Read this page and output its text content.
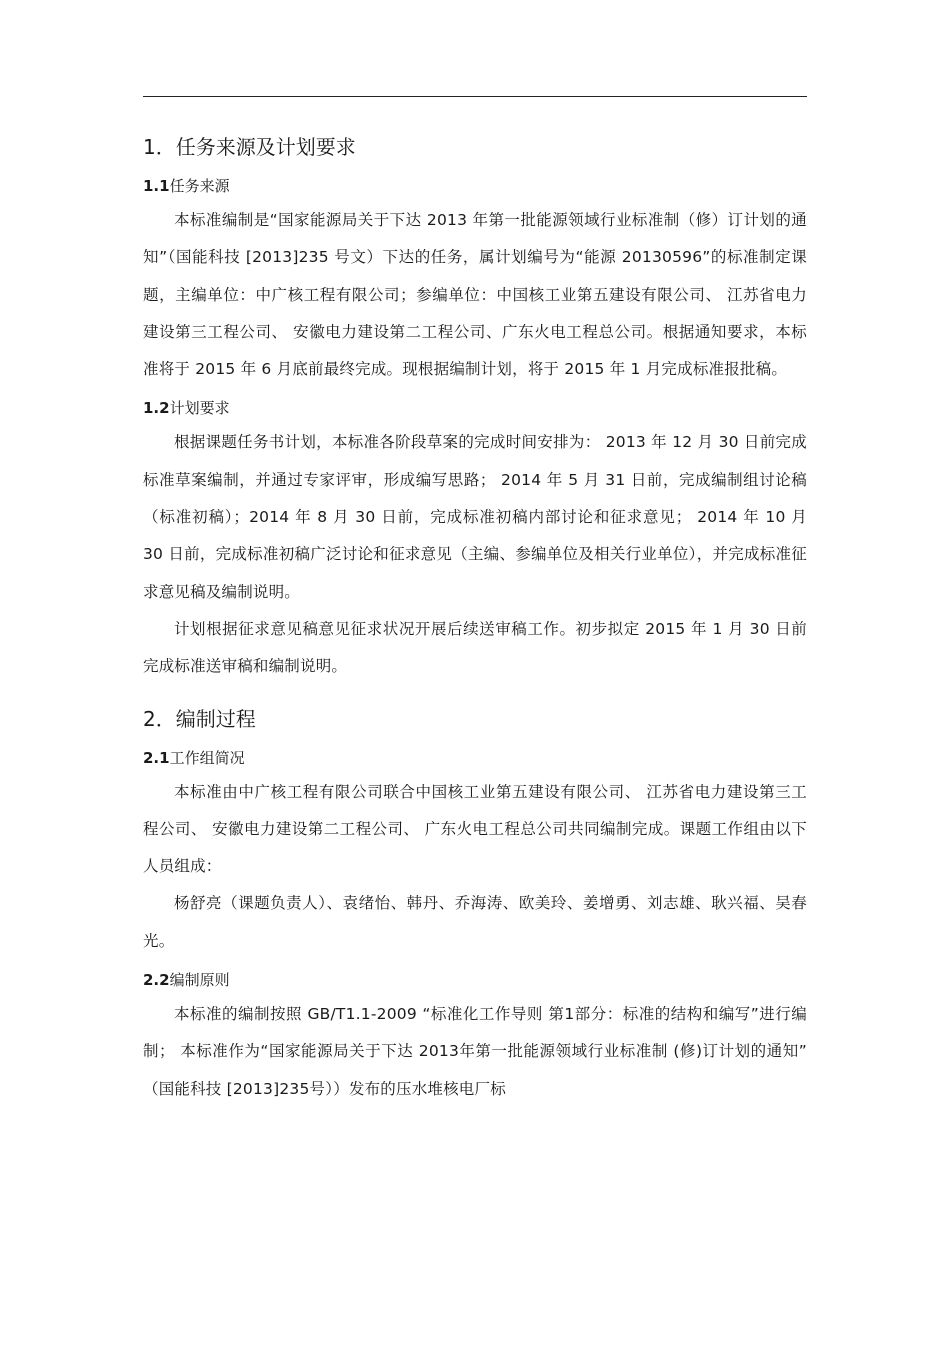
1．任务来源及计划要求
1.1任务来源

本标准编制是“国家能源局关于下达 2013 年第一批能源领域行业标准制（修）订计划的通知”（国能科技 [2013]235 号文）下达的任务，属计划编号为“能源 20130596”的标准制定课题，主编单位：中广核工程有限公司；参编单位：中国核工业第五建设有限公司、 江苏省电力建设第三工程公司、 安徽电力建设第二工程公司、广东火电工程总公司。根据通知要求，本标准将于 2015 年 6 月底前最终完成。现根据编制计划，将于 2015 年 1 月完成标准报批稿。

1.2计划要求

根据课题任务书计划，本标准各阶段草案的完成时间安排为： 2013 年 12 月 30 日前完成标准草案编制，并通过专家评审，形成编写思路； 2014 年 5 月 31 日前，完成编制组讨论稿（标准初稿）；2014 年 8 月 30 日前，完成标准初稿内部讨论和征求意见； 2014 年 10 月 30 日前，完成标准初稿广泛讨论和征求意见（主编、参编单位及相关行业单位），并完成标准征求意见稿及编制说明。

计划根据征求意见稿意见征求状况开展后续送审稿工作。初步拟定 2015 年 1 月 30 日前完成标准送审稿和编制说明。

2．编制过程
2.1工作组简况

本标准由中广核工程有限公司联合中国核工业第五建设有限公司、 江苏省电力建设第三工程公司、 安徽电力建设第二工程公司、 广东火电工程总公司共同编制完成。课题工作组由以下人员组成：

杨舒亮（课题负责人）、袁绪怡、韩丹、乔海涛、欧美玲、姜增勇、刘志雄、耿兴福、吴春光。

2.2编制原则

本标准的编制按照 GB/T1.1-2009 “标准化工作导则 第1部分：标准的结构和编写”进行编制； 本标准作为“国家能源局关于下达 2013年第一批能源领域行业标准制 (修)订计划的通知” （国能科技 [2013]235号））发布的压水堆核电厂标
